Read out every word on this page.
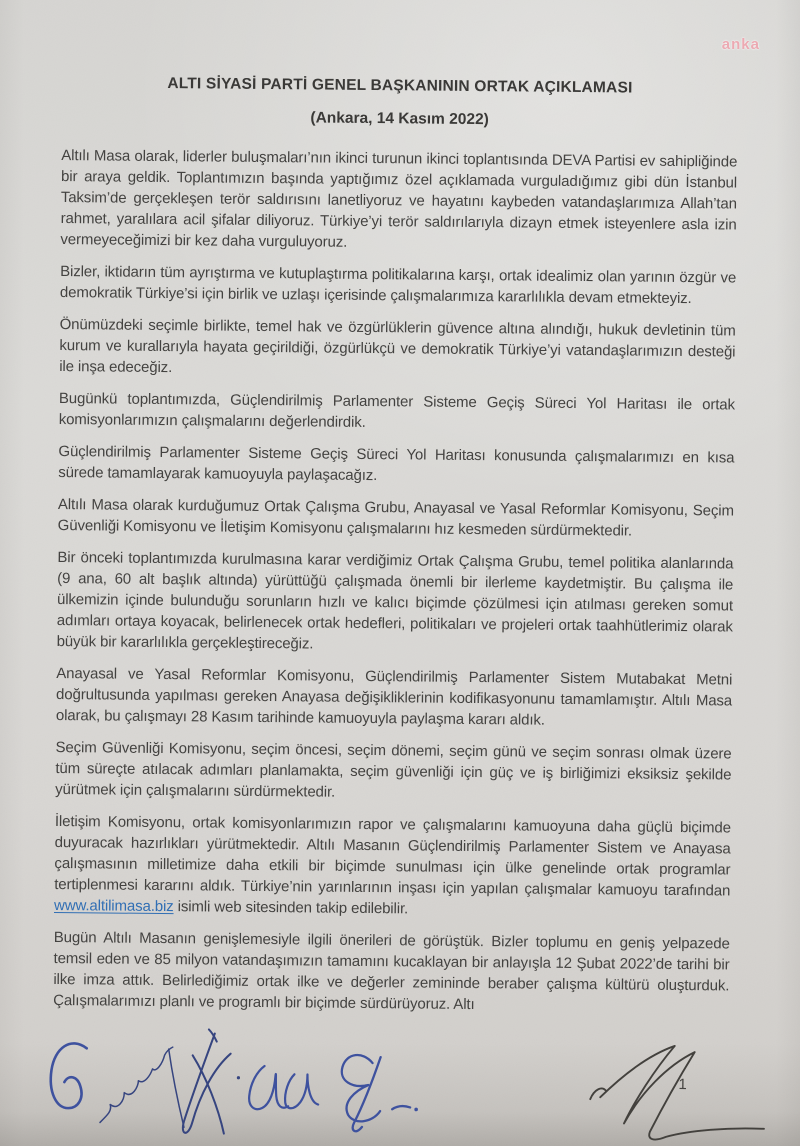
ALTI SİYASİ PARTİ GENEL BAŞKANININ ORTAK AÇIKLAMASI
(Ankara, 14 Kasım 2022)

Altılı Masa olarak, liderler buluşmaları’nın ikinci turunun ikinci toplantısında DEVA Partisi ev sahipliğinde bir araya geldik. Toplantımızın başında yaptığımız özel açıklamada vurguladığımız gibi dün İstanbul Taksim’de gerçekleşen terör saldırısını lanetliyoruz ve hayatını kaybeden vatandaşlarımıza Allah’tan rahmet, yaralılara acil şifalar diliyoruz. Türkiye’yi terör saldırılarıyla dizayn etmek isteyenlere asla izin vermeyeceğimizi bir kez daha vurguluyoruz.

Bizler, iktidarın tüm ayrıştırma ve kutuplaştırma politikalarına karşı, ortak idealimiz olan yarının özgür ve demokratik Türkiye’si için birlik ve uzlaşı içerisinde çalışmalarımıza kararlılıkla devam etmekteyiz.

Önümüzdeki seçimle birlikte, temel hak ve özgürlüklerin güvence altına alındığı, hukuk devletinin tüm kurum ve kurallarıyla hayata geçirildiği, özgürlükçü ve demokratik Türkiye’yi vatandaşlarımızın desteği ile inşa edeceğiz.

Bugünkü toplantımızda, Güçlendirilmiş Parlamenter Sisteme Geçiş Süreci Yol Haritası ile ortak komisyonlarımızın çalışmalarını değerlendirdik.

Güçlendirilmiş Parlamenter Sisteme Geçiş Süreci Yol Haritası konusunda çalışmalarımızı en kısa sürede tamamlayarak kamuoyuyla paylaşacağız.

Altılı Masa olarak kurduğumuz Ortak Çalışma Grubu, Anayasal ve Yasal Reformlar Komisyonu, Seçim Güvenliği Komisyonu ve İletişim Komisyonu çalışmalarını hız kesmeden sürdürmektedir.

Bir önceki toplantımızda kurulmasına karar verdiğimiz Ortak Çalışma Grubu, temel politika alanlarında (9 ana, 60 alt başlık altında) yürüttüğü çalışmada önemli bir ilerleme kaydetmiştir. Bu çalışma ile ülkemizin içinde bulunduğu sorunların hızlı ve kalıcı biçimde çözülmesi için atılması gereken somut adımları ortaya koyacak, belirlenecek ortak hedefleri, politikaları ve projeleri ortak taahhütlerimiz olarak büyük bir kararlılıkla gerçekleştireceğiz.

Anayasal ve Yasal Reformlar Komisyonu, Güçlendirilmiş Parlamenter Sistem Mutabakat Metni doğrultusunda yapılması gereken Anayasa değişikliklerinin kodifikasyonunu tamamlamıştır. Altılı Masa olarak, bu çalışmayı 28 Kasım tarihinde kamuoyuyla paylaşma kararı aldık.

Seçim Güvenliği Komisyonu, seçim öncesi, seçim dönemi, seçim günü ve seçim sonrası olmak üzere tüm süreçte atılacak adımları planlamakta, seçim güvenliği için güç ve iş birliğimizi eksiksiz şekilde yürütmek için çalışmalarını sürdürmektedir.

İletişim Komisyonu, ortak komisyonlarımızın rapor ve çalışmalarını kamuoyuna daha güçlü biçimde duyuracak hazırlıkları yürütmektedir. Altılı Masanın Güçlendirilmiş Parlamenter Sistem ve Anayasa çalışmasının milletimize daha etkili bir biçimde sunulması için ülke genelinde ortak programlar tertiplenmesi kararını aldık. Türkiye’nin yarınlarının inşası için yapılan çalışmalar kamuoyu tarafından www.altilimasa.biz isimli web sitesinden takip edilebilir.

Bugün Altılı Masanın genişlemesiyle ilgili önerileri de görüştük. Bizler toplumu en geniş yelpazede temsil eden ve 85 milyon vatandaşımızın tamamını kucaklayan bir anlayışla 12 Şubat 2022’de tarihi bir ilke imza attık. Belirlediğimiz ortak ilke ve değerler zemininde beraber çalışma kültürü oluşturduk. Çalışmalarımızı planlı ve programlı bir biçimde sürdürüyoruz. Altı

1
anka
